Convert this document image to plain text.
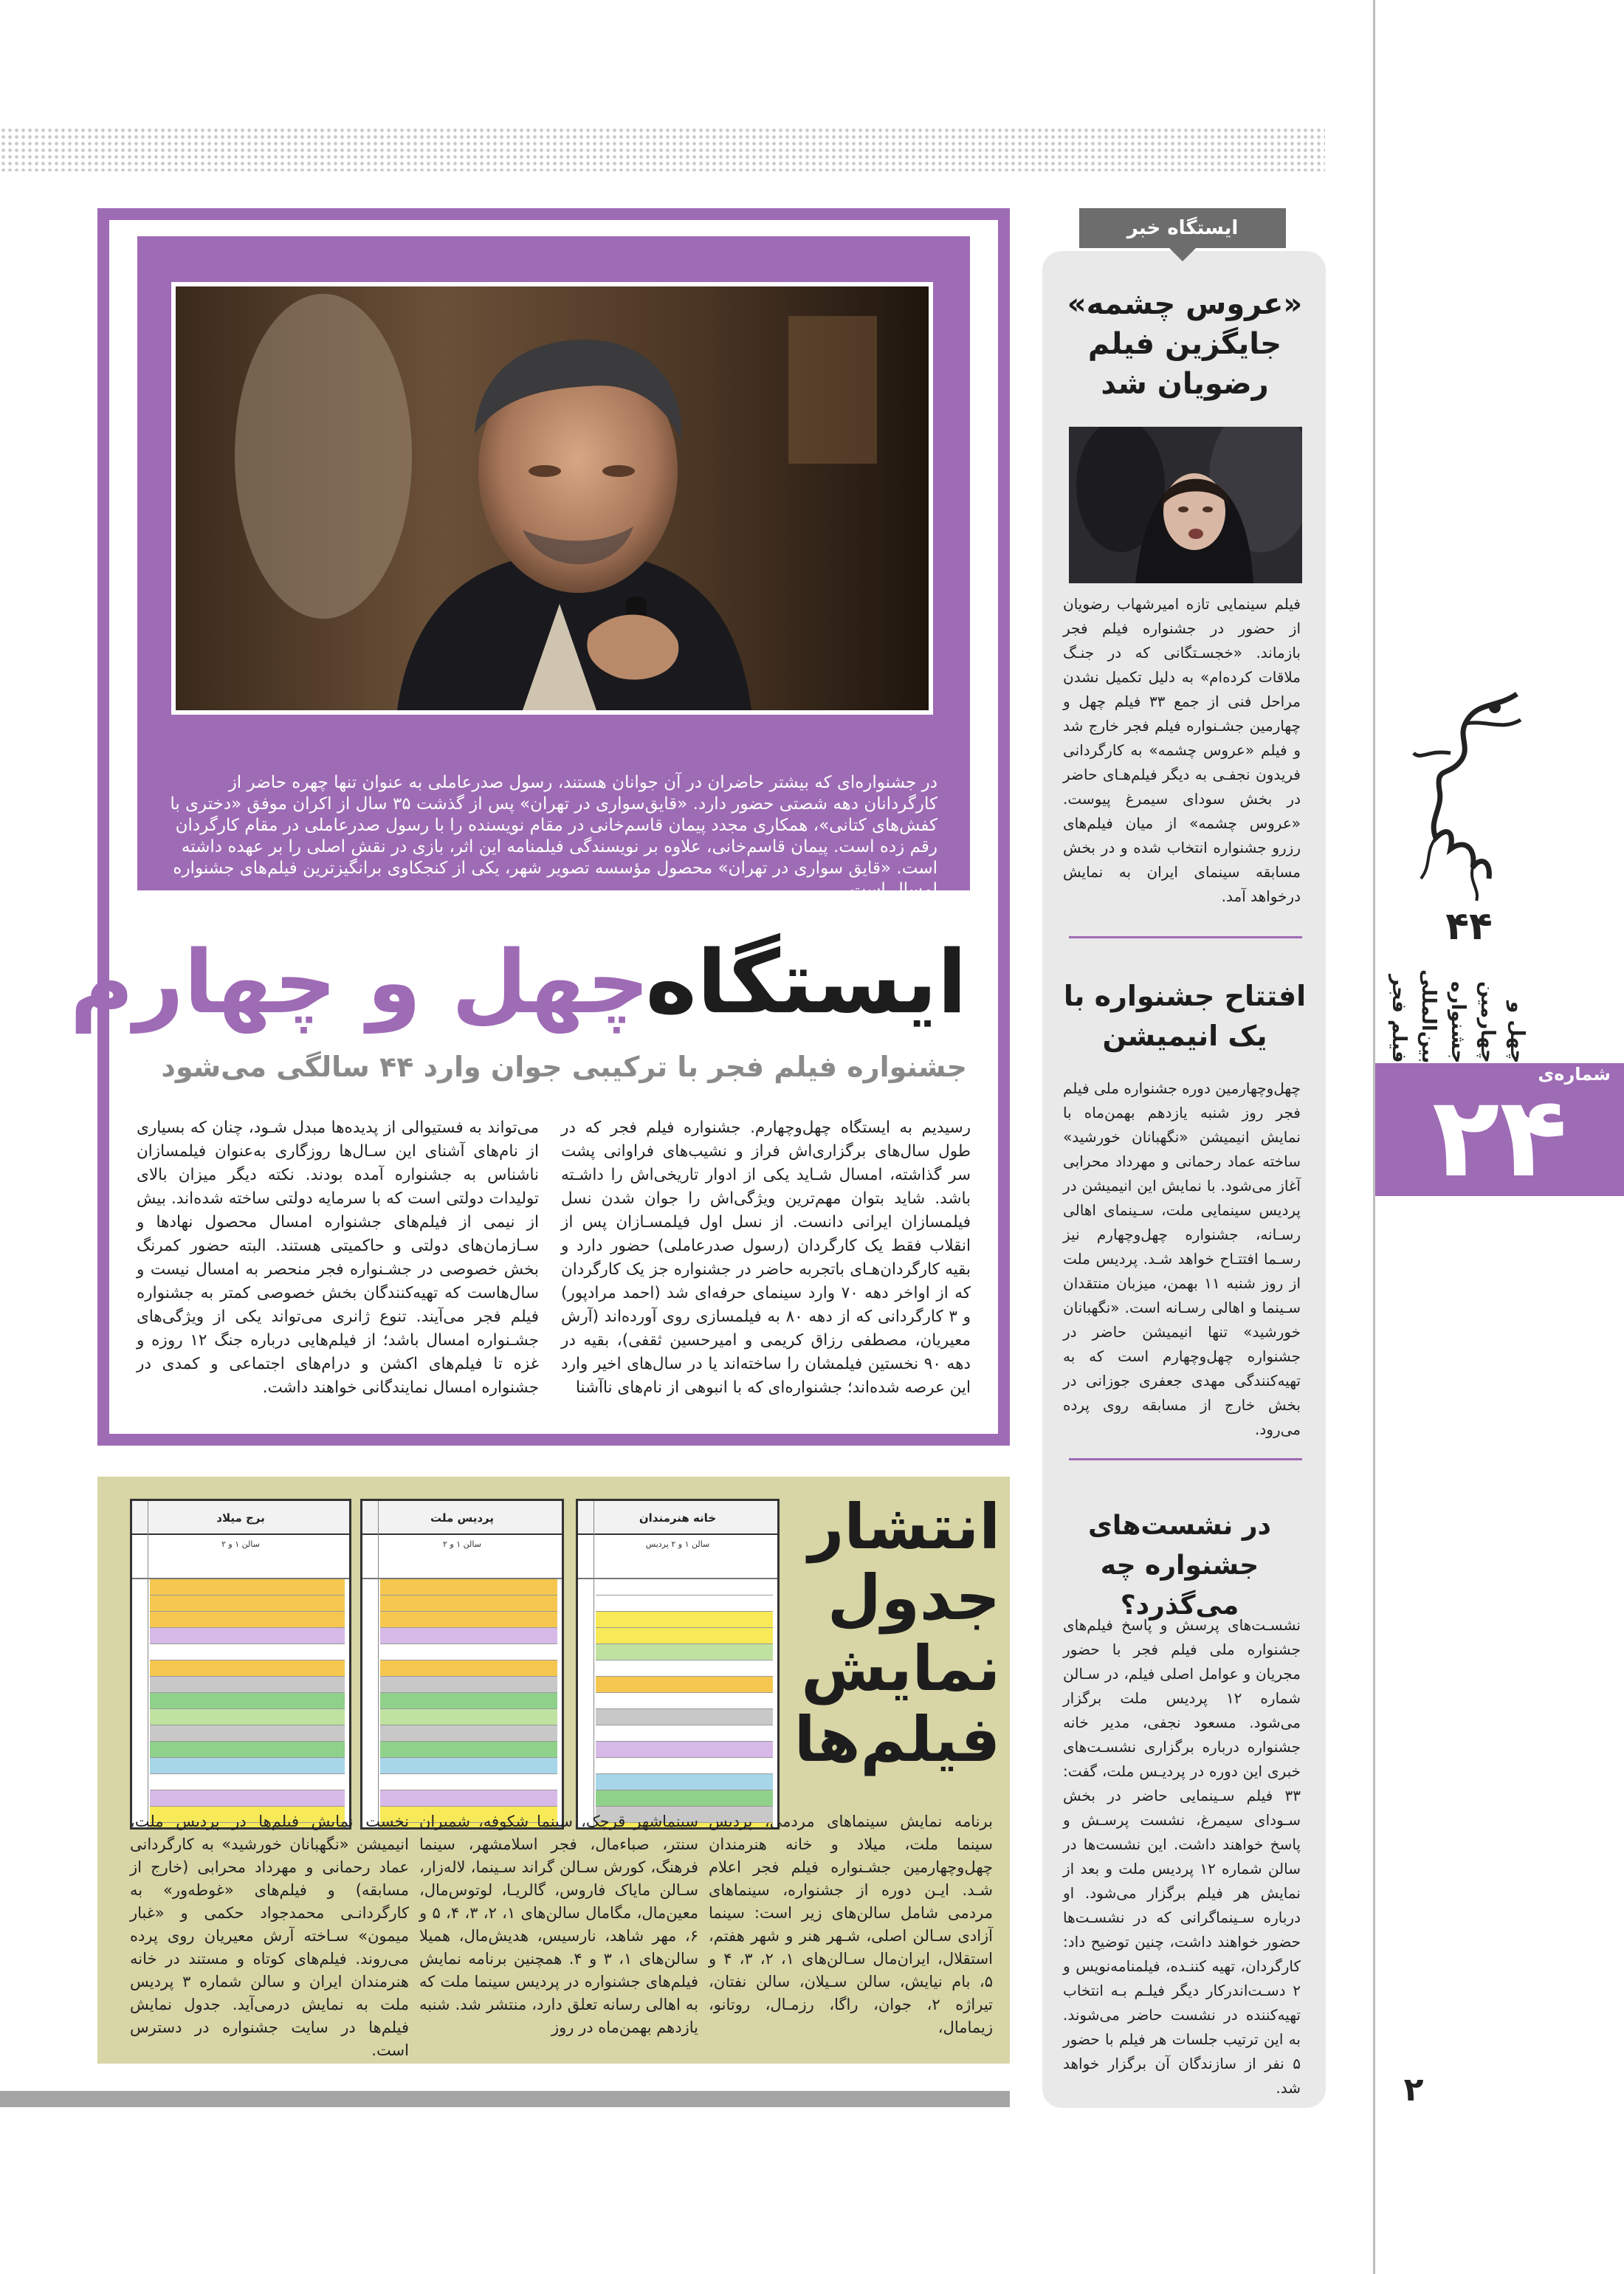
۴۴
چهل و چهارمین جشنواره بین‌المللی فیلم فجر
شماره‌ی
۲۴
۲
در جشنواره‌ای که بیشتر حاضران در آن جوانان هستند، رسول صدرعاملی به عنوان تنها چهره حاضر از کارگردانان دهه شصتی حضور دارد. «قایق‌سواری در تهران» پس از گذشت ۳۵ سال از اکران موفق «دختری با کفش‌های کتانی»، همکاری مجدد پیمان قاسم‌خانی در مقام نویسنده را با رسول صدرعاملی در مقام کارگردان رقم زده است. پیمان قاسم‌خانی، علاوه بر نویسندگی فیلمنامه این اثر، بازی در نقش اصلی را بر عهده داشته است. «قایق سواری در تهران» محصول مؤسسه تصویر شهر، یکی از کنجکاوی برانگیزترین فیلم‌های جشنواره امسال است.
ایستگاه
چهل و چهارم
جشنواره فیلم فجر با ترکیبی جوان وارد ۴۴ سالگی می‌شود
رسیدیم به ایستگاه چهل‌وچهارم. جشنواره فیلم فجر که در طول سال‌های برگزاری‌اش فراز و نشیب‌های فراوانی پشت سر گذاشته، امسال شـاید یکی از ادوار تاریخی‌اش را داشـته باشد. شاید بتوان مهم‌ترین ویژگی‌اش را جوان شدن نسل فیلمسازان ایرانی دانست. از نسل اول فیلمسـازان پس از انقلاب فقط یک کارگردان (رسول صدرعاملی) حضور دارد و بقیه کارگردان‌هـای باتجربه حاضر در جشنواره جز یک کارگردان که از اواخر دهه ۷۰ وارد سینمای حرفه‌ای شد (احمد مرادپور) و ۳ کارگردانی که از دهه ۸۰ به فیلمسازی روی آورده‌اند (آرش معیریان، مصطفی رزاق کریمی و امیرحسین ثقفی)، بقیه در دهه ۹۰ نخستین فیلمشان را ساخته‌اند یا در سال‌های اخیر وارد این عرصه شده‌اند؛ جشنواره‌ای که با انبوهی از نام‌های ناآشنا
می‌تواند به فستیوالی از پدیده‌ها مبدل شـود، چنان که بسیاری از نام‌های آشنای این سـال‌ها روزگاری به‌عنوان فیلمسازان ناشناس به جشنواره آمده بودند. نکته دیگر میزان بالای تولیدات دولتی است که با سرمایه دولتی ساخته شده‌اند. بیش از نیمی از فیلم‌های جشنواره امسال محصول نهادها و سـازمان‌های دولتی و حاکمیتی هستند. البته حضور کمرنگ بخش خصوصی در جشـنواره فجر منحصر به امسال نیست و سال‌هاست که تهیه‌کنندگان بخش خصوصی کمتر به جشنواره فیلم فجر می‌آیند. تنوع ژانری می‌تواند یکی از ویژگی‌های جشـنواره امسال باشد؛ از فیلم‌هایی درباره جنگ ۱۲ روزه و غزه تا فیلم‌های اکشن و درام‌های اجتماعی و کمدی در جشنواره امسال نمایندگانی خواهند داشت.
انتشار
جدول
نمایش
فیلم‌ها
خانه هنرمندان
سالن ۱ و ۲ پردیس
پردیس ملت
سالن ۱ و ۲
برج میلاد
سالن ۱ و ۲
برنامه نمایش سینماهای مردمی، پردیس سینما ملت، میلاد و خانه هنرمندان چهل‌وچهارمین جشـنواره فیلم فجر اعلام شـد. ایـن دوره از جشنواره، سینماهای مردمی شامل سالن‌های زیر است: سینما آزادی سـالن اصلی، شـهر هنر و شهر هفتم، استقلال، ایران‌مال سـالن‌های ۱، ۲، ۳، ۴ و ۵، بام نیایش، سالن سـیلان، سالن نفتان، تیراژه ۲، جوان، راگا، رزمـال، روتانو، زیمامال،
سینماشهر قرچک، سینما شکوفه، شمیران سنتر، صباءمال، فجر اسلامشهر، سینما فرهنگ، کورش سـالن گراند سـینما، لاله‌زار، سـالن مایاک فاروس، گالریـا، لوتوس‌مال، معین‌مال، مگامال سالن‌های ۱، ۲، ۳، ۴، ۵ و ۶، مهر شاهد، نارسیس، هدیش‌مال، همیلا سالن‌های ۱، ۳ و ۴. همچنین برنامه نمایش فیلم‌های جشنواره در پردیس سینما ملت که به اهالی رسانه تعلق دارد، منتشر شد. شنبه یازدهم بهمن‌ماه در روز
نخست نمایش فیلم‌ها در پردیس ملت، انیمیشن «نگهبانان خورشید» به کارگردانی عماد رحمانی و مهرداد محرابی (خارج از مسابقه) و فیلم‌های «غوطه‌ور» به کارگردانـی محمدجواد حکمی و «غبار میمون» سـاخته آرش معیریان روی پرده می‌روند. فیلم‌های کوتاه و مستند در خانه هنرمندان ایران و سالن شماره ۳ پردیس ملت به نمایش درمی‌آید. جدول نمایش فیلم‌ها در سایت جشنواره در دسترس است.
ایستگاه خبر
«عروس چشمه» جایگزین فیلم رضویان شد
فیلم سینمایی تازه امیرشهاب رضویان از حضور در جشنواره فیلم فجر بازماند. «خجسـتگانی که در جنـگ ملاقات کرده‌ام» به دلیل تکمیل نشدن مراحل فنی از جمع ۳۳ فیلم چهل و چهارمین جشـنواره فیلم فجر خارج شد و فیلم «عروس چشمه» به کارگردانی فریدون نجفـی به دیگر فیلم‌هـای حاضر در بخش سودای سیمرغ پیوست. «عروس چشمه» از میان فیلم‌های رزرو جشنواره انتخاب شده و در بخش مسابقه سینمای ایران به نمایش درخواهد آمد.
افتتاح جشنواره با یک انیمیشن
چهل‌وچهارمین دوره جشنواره ملی فیلم فجر روز شنبه یازدهم بهمن‌ماه با نمایش انیمیشن «نگهبانان خورشید» ساخته عماد رحمانی و مهرداد محرابی آغاز می‌شود. با نمایش این انیمیشن در پردیس سینمایی ملت، سـینمای اهالی رسـانه، جشنواره چهل‌وچهارم نیز رسـما افتتـاح خواهد شـد. پردیس ملت از روز شنبه ۱۱ بهمن، میزبان منتقدان سـینما و اهالی رسـانه است. «نگهبانان خورشید» تنها انیمیشن حاضر در جشنواره چهل‌وچهارم است که به تهیه‌کنندگی مهدی جعفری جوزانی در بخش خارج از مسابقه روی پرده می‌رود.
در نشست‌های جشنواره چه می‌گذرد؟
نشسـت‌های پرسش و پاسخ فیلم‌های جشنواره ملی فیلم فجر با حضور مجریان و عوامل اصلی فیلم، در سـالن شماره ۱۲ پردیس ملت برگزار می‌شود. مسعود نجفی، مدیر خانه جشنواره درباره برگزاری نشسـت‌های خبری این دوره در پردیـس ملت، گفت: ۳۳ فیلم سـینمایی حاضر در بخش سـودای سیمرغ، نشست پرسـش و پاسخ خواهند داشت. این نشست‌ها در سالن شماره ۱۲ پردیس ملت و بعد از نمایش هر فیلم برگزار می‌شود. او درباره سـینماگرانی که در نشسـت‌ها حضور خواهند داشت، چنین توضیح داد: کارگردان، تهیه کننـده، فیلمنامه‌نویس و ۲ دسـت‌اندرکار دیگر فیلـم بـه انتخاب تهیه‌کننده در نشست حاضر می‌شوند. به این ترتیب جلسات هر فیلم با حضور ۵ نفر از سازندگان آن برگزار خواهد شد.
